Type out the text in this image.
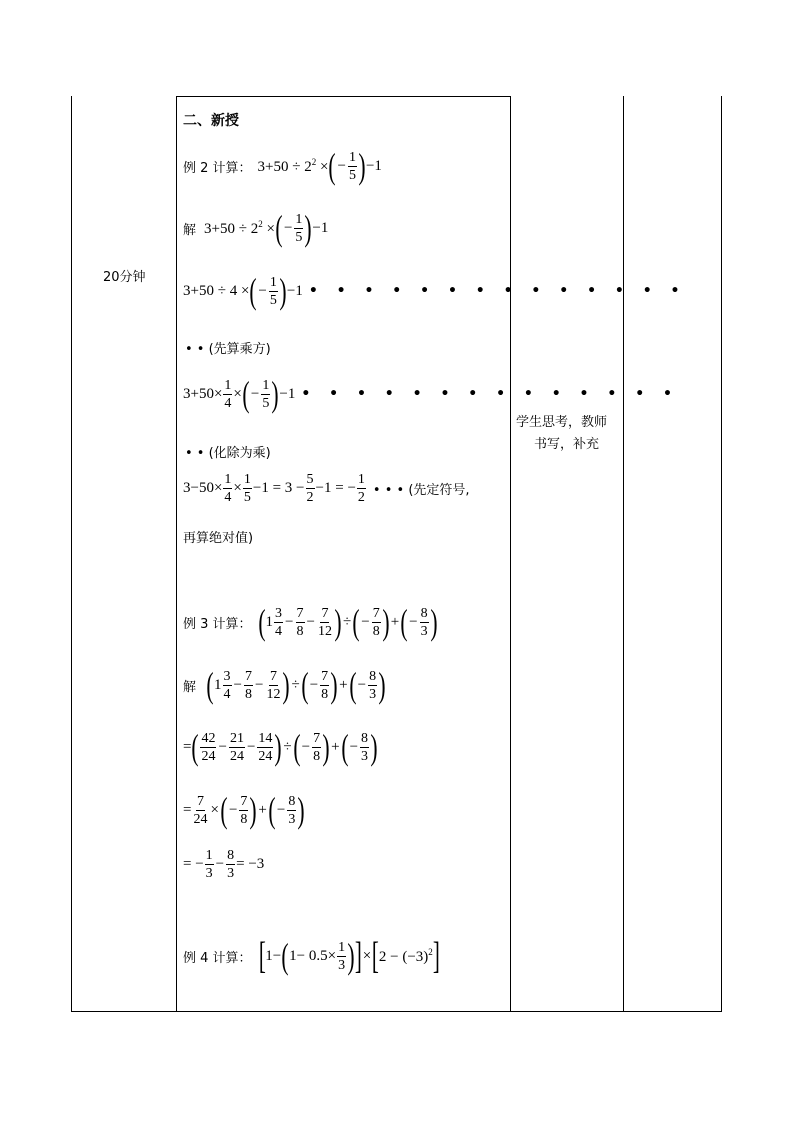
20分钟
学生思考，教师
书写，补充
二、新授
例 2 计算： $3+50 \div 2^2$ × ( − $\frac{1}{5}$ ) −1
解 $3+50 \div 2^2$ × ( − $\frac{1}{5}$ ) −1
3+50 ÷ 4 × ( − $\frac{1}{5}$ ) −1 • • • • • • • • • • • • • •
• • (先算乘方)
$3+50\times \frac{1}{4}$ × ( − $\frac{1}{5}$ ) −1 • • • • • • • • • • • • • •
• • (化除为乘)
$3-50\times \frac{1}{4} \times \frac{1}{5} -1 = 3 - \frac{5}{2} -1$ = − $\frac{1}{2}$ • • • (先定符号,
再算绝对值)
例 3 计算： ( $1 \frac{3}{4} - \frac{7}{8} - \frac{7}{12}$ ) ÷ ( − $\frac{7}{8}$ ) + ( − $\frac{8}{3}$ )
解 ( $1 \frac{3}{4} - \frac{7}{8} - \frac{7}{12}$ ) ÷ ( − $\frac{7}{8}$ ) + ( − $\frac{8}{3}$ )
= ( $\frac{42}{24} - \frac{21}{24} - \frac{14}{24}$ ) ÷ ( − $\frac{7}{8}$ ) + ( − $\frac{8}{3}$ )
= $\frac{7}{24}$ × ( − $\frac{7}{8}$ ) + ( − $\frac{8}{3}$ )
= − $\frac{1}{3} - \frac{8}{3} = -3$
例 4 计算： [ 1− ( $1- 0.5\times \frac{1}{3}$ ) ] × [ $2 - (-3)^2$ ]
